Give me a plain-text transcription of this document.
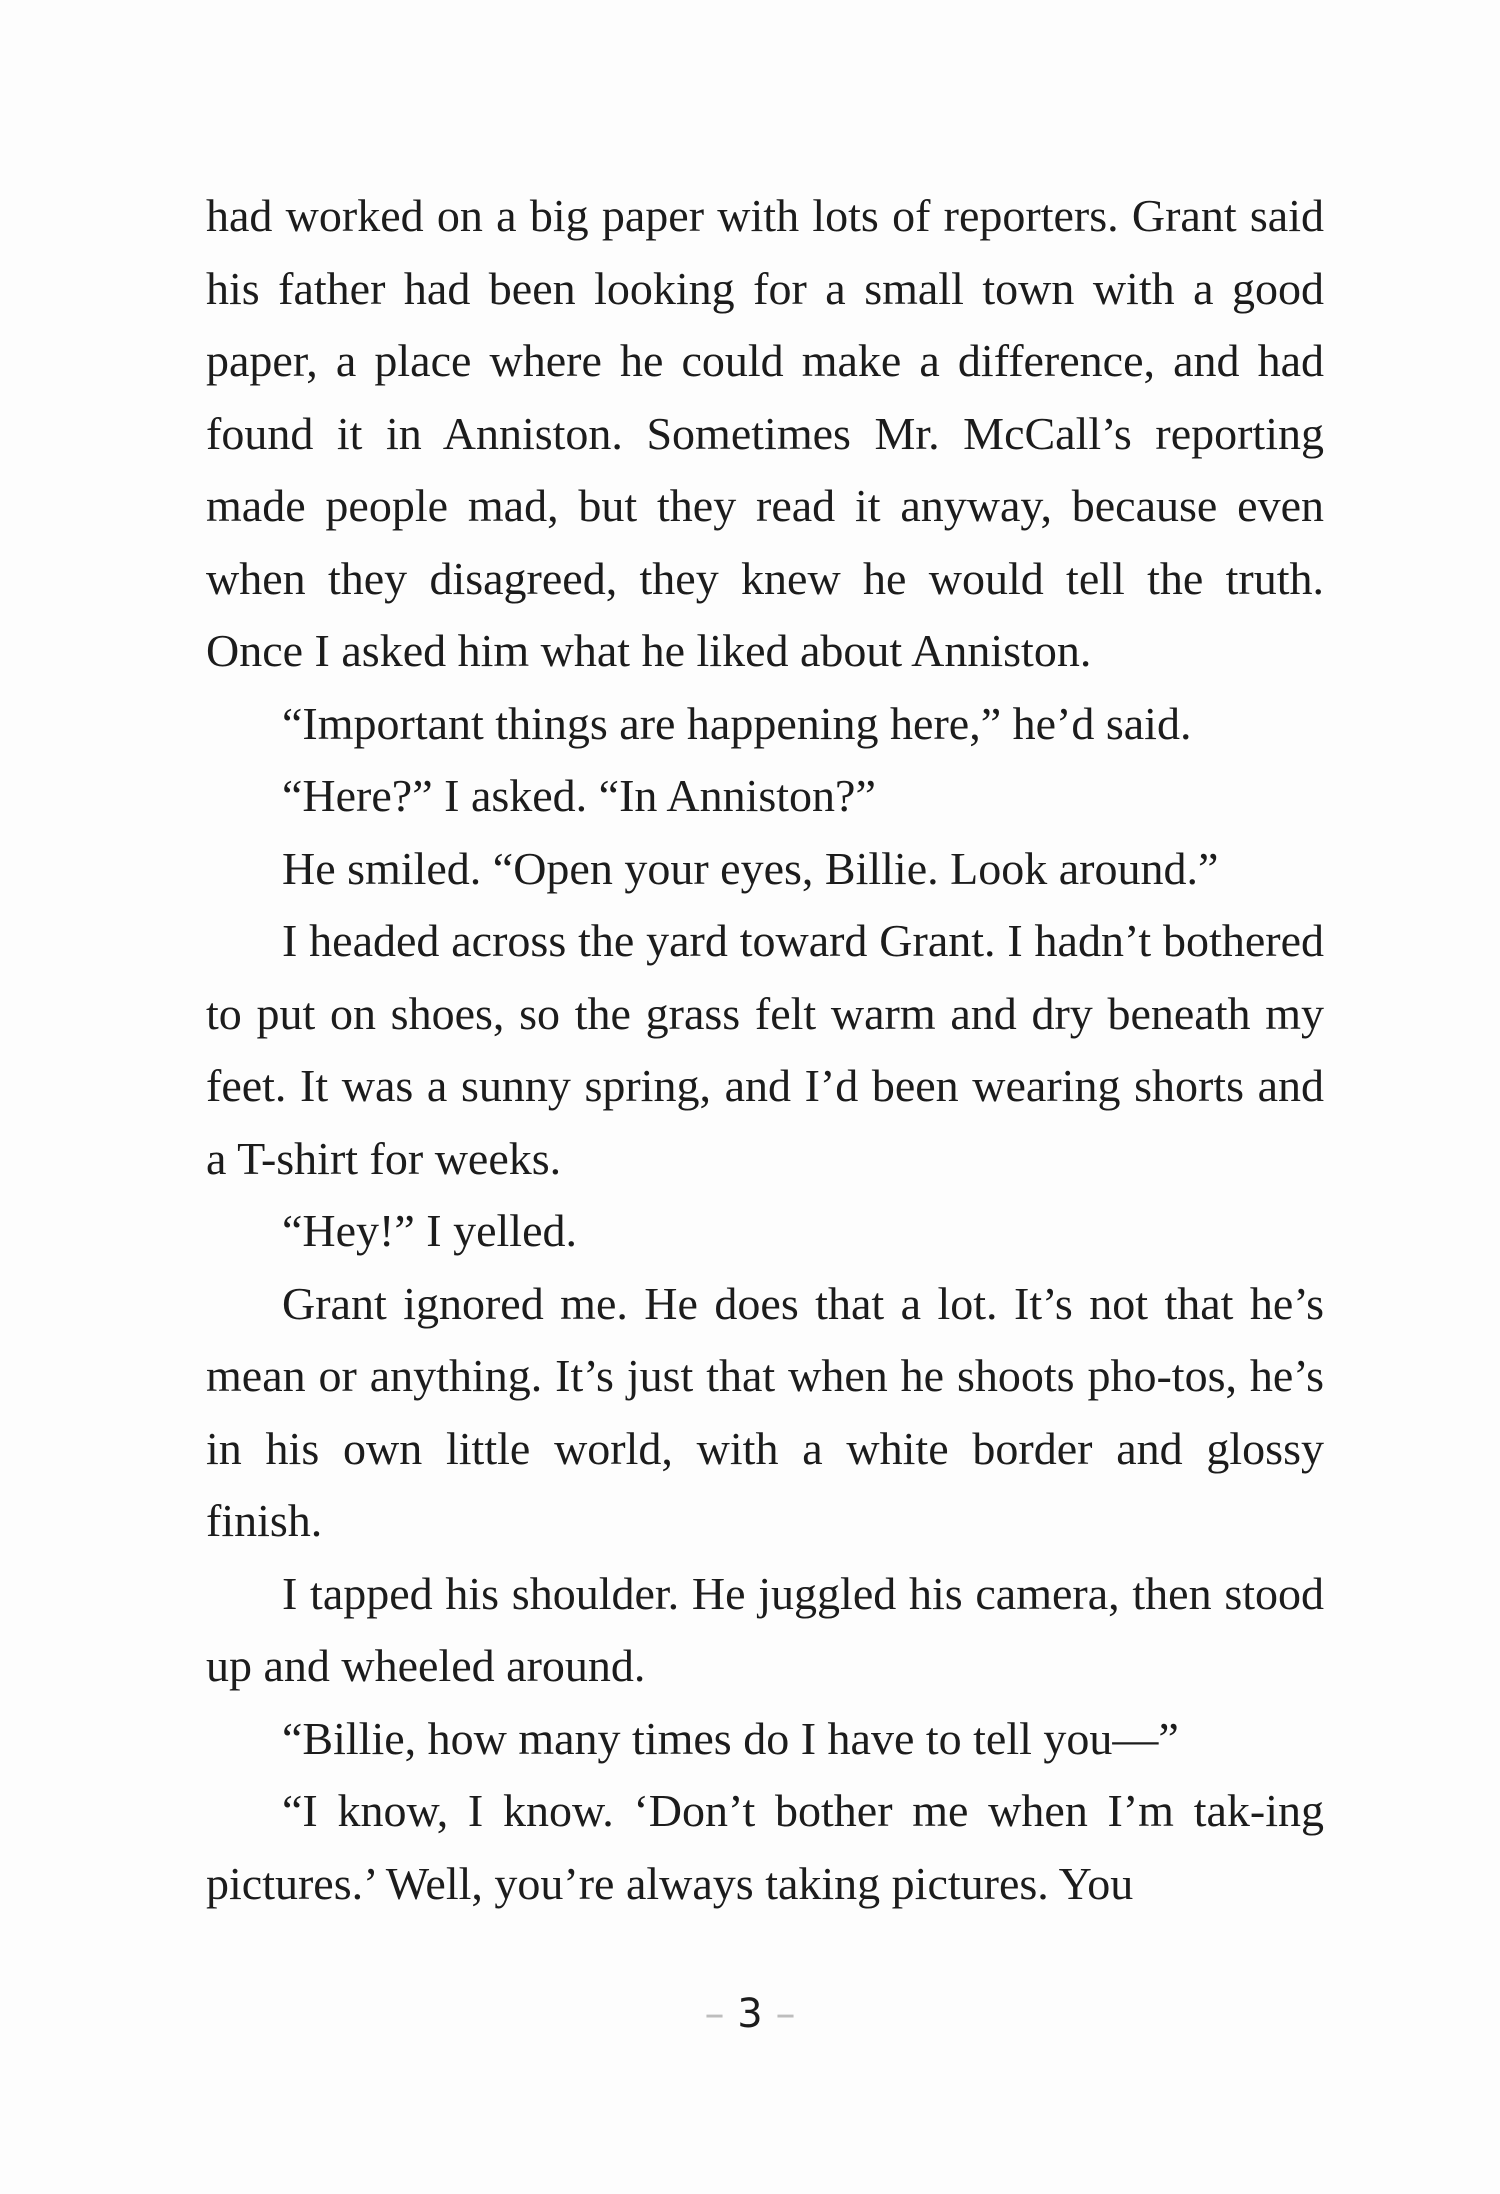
had worked on a big paper with lots of reporters. Grant said his father had been looking for a small town with a good paper, a place where he could make a difference, and had found it in Anniston. Sometimes Mr. McCall’s reporting made people mad, but they read it anyway, because even when they disagreed, they knew he would tell the truth. Once I asked him what he liked about Anniston.

“Important things are happening here,” he’d said.

“Here?” I asked. “In Anniston?”

He smiled. “Open your eyes, Billie. Look around.”

I headed across the yard toward Grant. I hadn’t bothered to put on shoes, so the grass felt warm and dry beneath my feet. It was a sunny spring, and I’d been wearing shorts and a T-shirt for weeks.

“Hey!” I yelled.

Grant ignored me. He does that a lot. It’s not that he’s mean or anything. It’s just that when he shoots pho-tos, he’s in his own little world, with a white border and glossy finish.

I tapped his shoulder. He juggled his camera, then stood up and wheeled around.

“Billie, how many times do I have to tell you—”

“I know, I know. ‘Don’t bother me when I’m tak-ing pictures.’ Well, you’re always taking pictures. You

– 3 –
